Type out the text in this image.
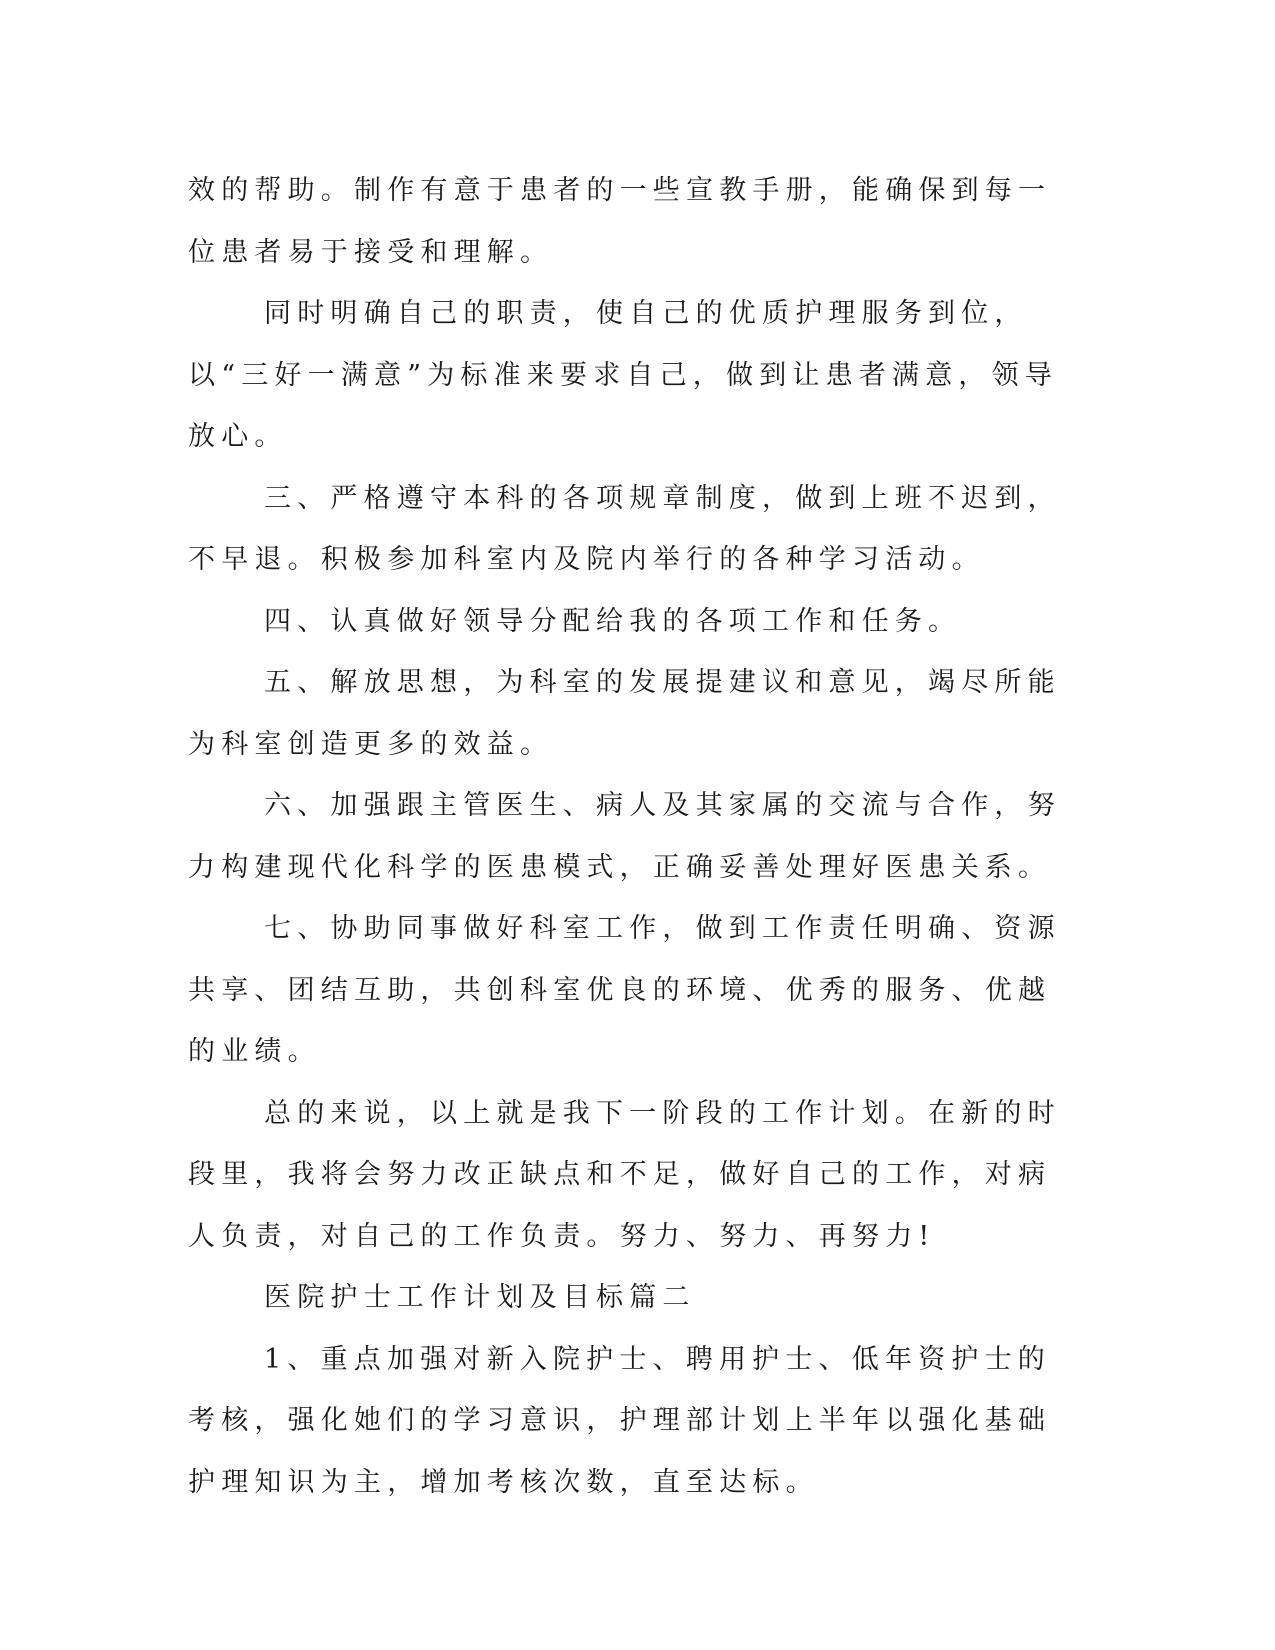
效的帮助。制作有意于患者的一些宣教手册，能确保到每一位患者易于接受和理解。

同时明确自己的职责，使自己的优质护理服务到位，以“三好一满意”为标准来要求自己，做到让患者满意，领导放心。

三、严格遵守本科的各项规章制度，做到上班不迟到，不早退。积极参加科室内及院内举行的各种学习活动。

四、认真做好领导分配给我的各项工作和任务。

五、解放思想，为科室的发展提建议和意见，竭尽所能为科室创造更多的效益。

六、加强跟主管医生、病人及其家属的交流与合作，努力构建现代化科学的医患模式，正确妥善处理好医患关系。

七、协助同事做好科室工作，做到工作责任明确、资源共享、团结互助，共创科室优良的环境、优秀的服务、优越的业绩。

总的来说，以上就是我下一阶段的工作计划。在新的时段里，我将会努力改正缺点和不足，做好自己的工作，对病人负责，对自己的工作负责。努力、努力、再努力!

医院护士工作计划及目标篇二

1、重点加强对新入院护士、聘用护士、低年资护士的考核，强化她们的学习意识，护理部计划上半年以强化基础护理知识为主，增加考核次数，直至达标。
